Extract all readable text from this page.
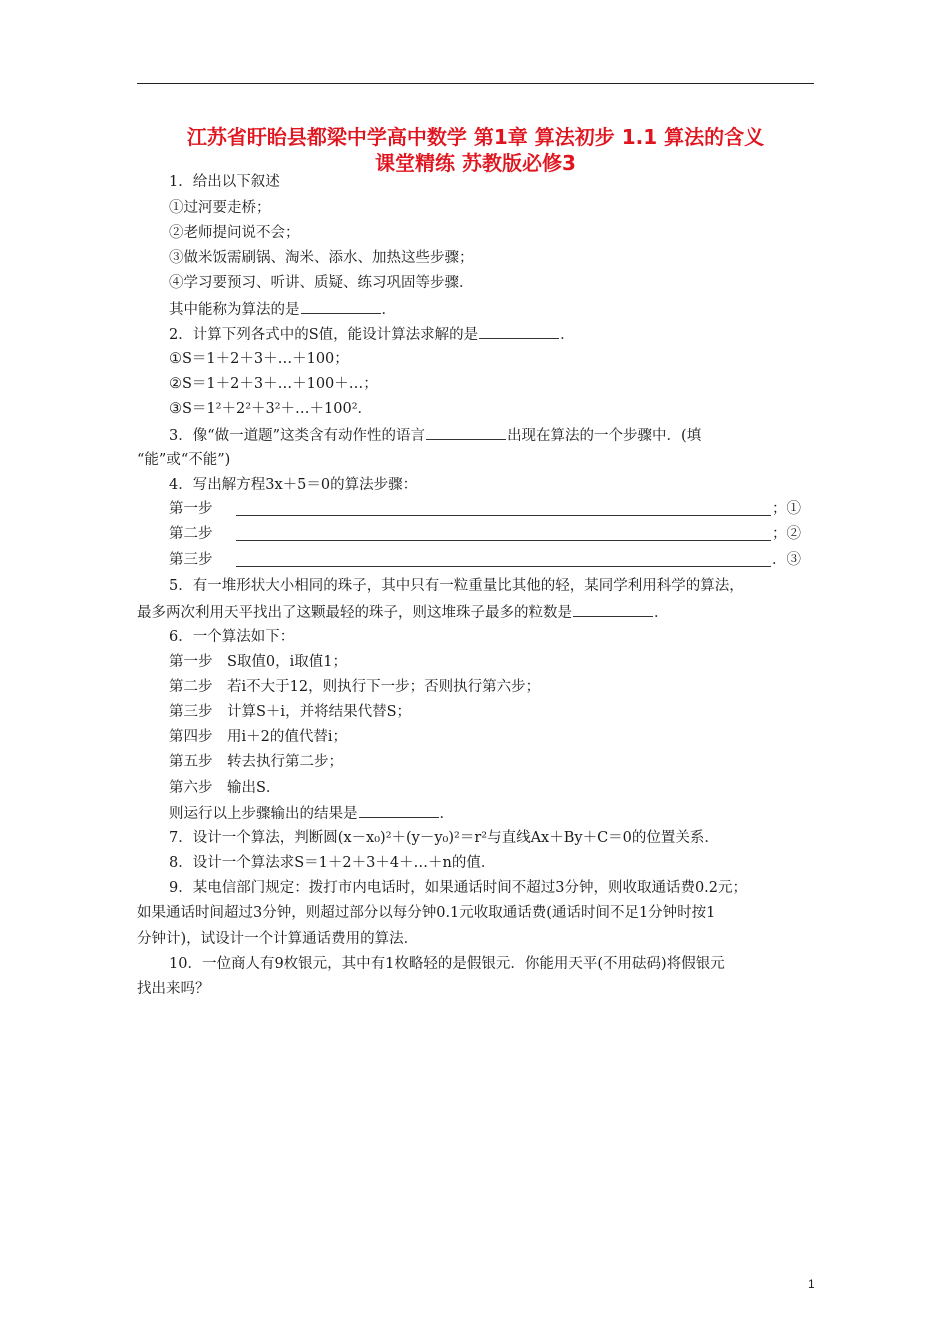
江苏省盱眙县都梁中学高中数学 第1章 算法初步 1.1 算法的含义
课堂精练 苏教版必修3
1．给出以下叙述
①过河要走桥；
②老师提问说不会；
③做米饭需刷锅、淘米、添水、加热这些步骤；
④学习要预习、听讲、质疑、练习巩固等步骤．
其中能称为算法的是	．
2．计算下列各式中的S值，能设计算法求解的是	．
①S＝1＋2＋3＋…＋100；
②S＝1＋2＋3＋…＋100＋…；
③S＝1²＋2²＋3²＋…＋100²．
3．像“做一道题”这类含有动作性的语言	出现在算法的一个步骤中．(填
“能”或“不能”)
4．写出解方程3x＋5＝0的算法步骤：
第一步	；①
第二步	；②
第三步	．③
5．有一堆形状大小相同的珠子，其中只有一粒重量比其他的轻，某同学利用科学的算法，
最多两次利用天平找出了这颗最轻的珠子，则这堆珠子最多的粒数是	．
6．一个算法如下：
第一步　S取值0，i取值1；
第二步　若i不大于12，则执行下一步；否则执行第六步；
第三步　计算S＋i，并将结果代替S；
第四步　用i＋2的值代替i；
第五步　转去执行第二步；
第六步　输出S．
则运行以上步骤输出的结果是	．
7．设计一个算法，判断圆(x－x₀)²＋(y－y₀)²＝r²与直线Ax＋By＋C＝0的位置关系．
8．设计一个算法求S＝1＋2＋3＋4＋…＋n的值．
9．某电信部门规定：拨打市内电话时，如果通话时间不超过3分钟，则收取通话费0.2元；
如果通话时间超过3分钟，则超过部分以每分钟0.1元收取通话费(通话时间不足1分钟时按1
分钟计)，试设计一个计算通话费用的算法．
10．一位商人有9枚银元，其中有1枚略轻的是假银元．你能用天平(不用砝码)将假银元
找出来吗？
1
